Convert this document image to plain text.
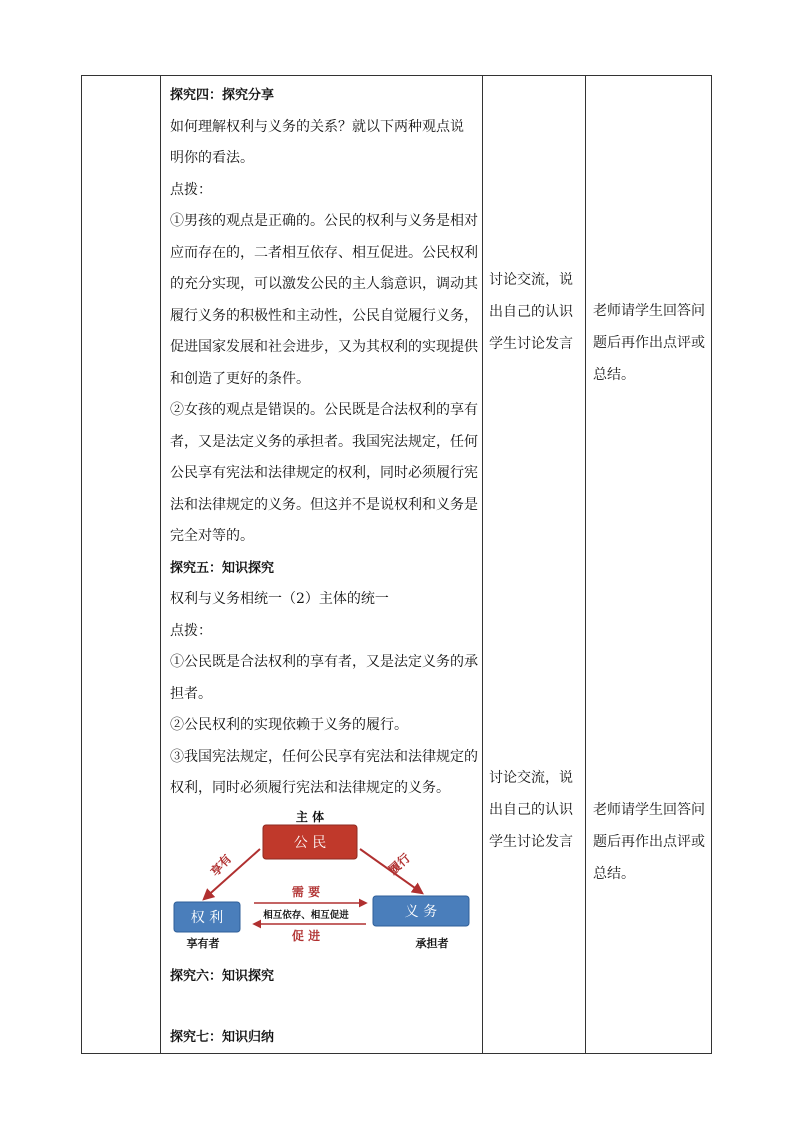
探究四：探究分享
如何理解权利与义务的关系？就以下两种观点说
明你的看法。
点拨：
①男孩的观点是正确的。公民的权利与义务是相对
应而存在的，二者相互依存、相互促进。公民权利
的充分实现，可以激发公民的主人翁意识，调动其
履行义务的积极性和主动性，公民自觉履行义务，
促进国家发展和社会进步，又为其权利的实现提供
和创造了更好的条件。
②女孩的观点是错误的。公民既是合法权利的享有
者，又是法定义务的承担者。我国宪法规定，任何
公民享有宪法和法律规定的权利，同时必须履行宪
法和法律规定的义务。但这并不是说权利和义务是
完全对等的。
探究五：知识探究
权利与义务相统一（2）主体的统一
点拨：
①公民既是合法权利的享有者，又是法定义务的承
担者。
②公民权利的实现依赖于义务的履行。
③我国宪法规定，任何公民享有宪法和法律规定的
权利，同时必须履行宪法和法律规定的义务。
主 体
公 民
权 利
享有者
义 务
承担者
享有	履行
需 要
相互依存、相互促进
促 进
探究六：知识探究
探究七：知识归纳
讨论交流，说
出自己的认识
学生讨论发言
讨论交流，说
出自己的认识
学生讨论发言
老师请学生回答问
题后再作出点评或
总结。
老师请学生回答问
题后再作出点评或
总结。
